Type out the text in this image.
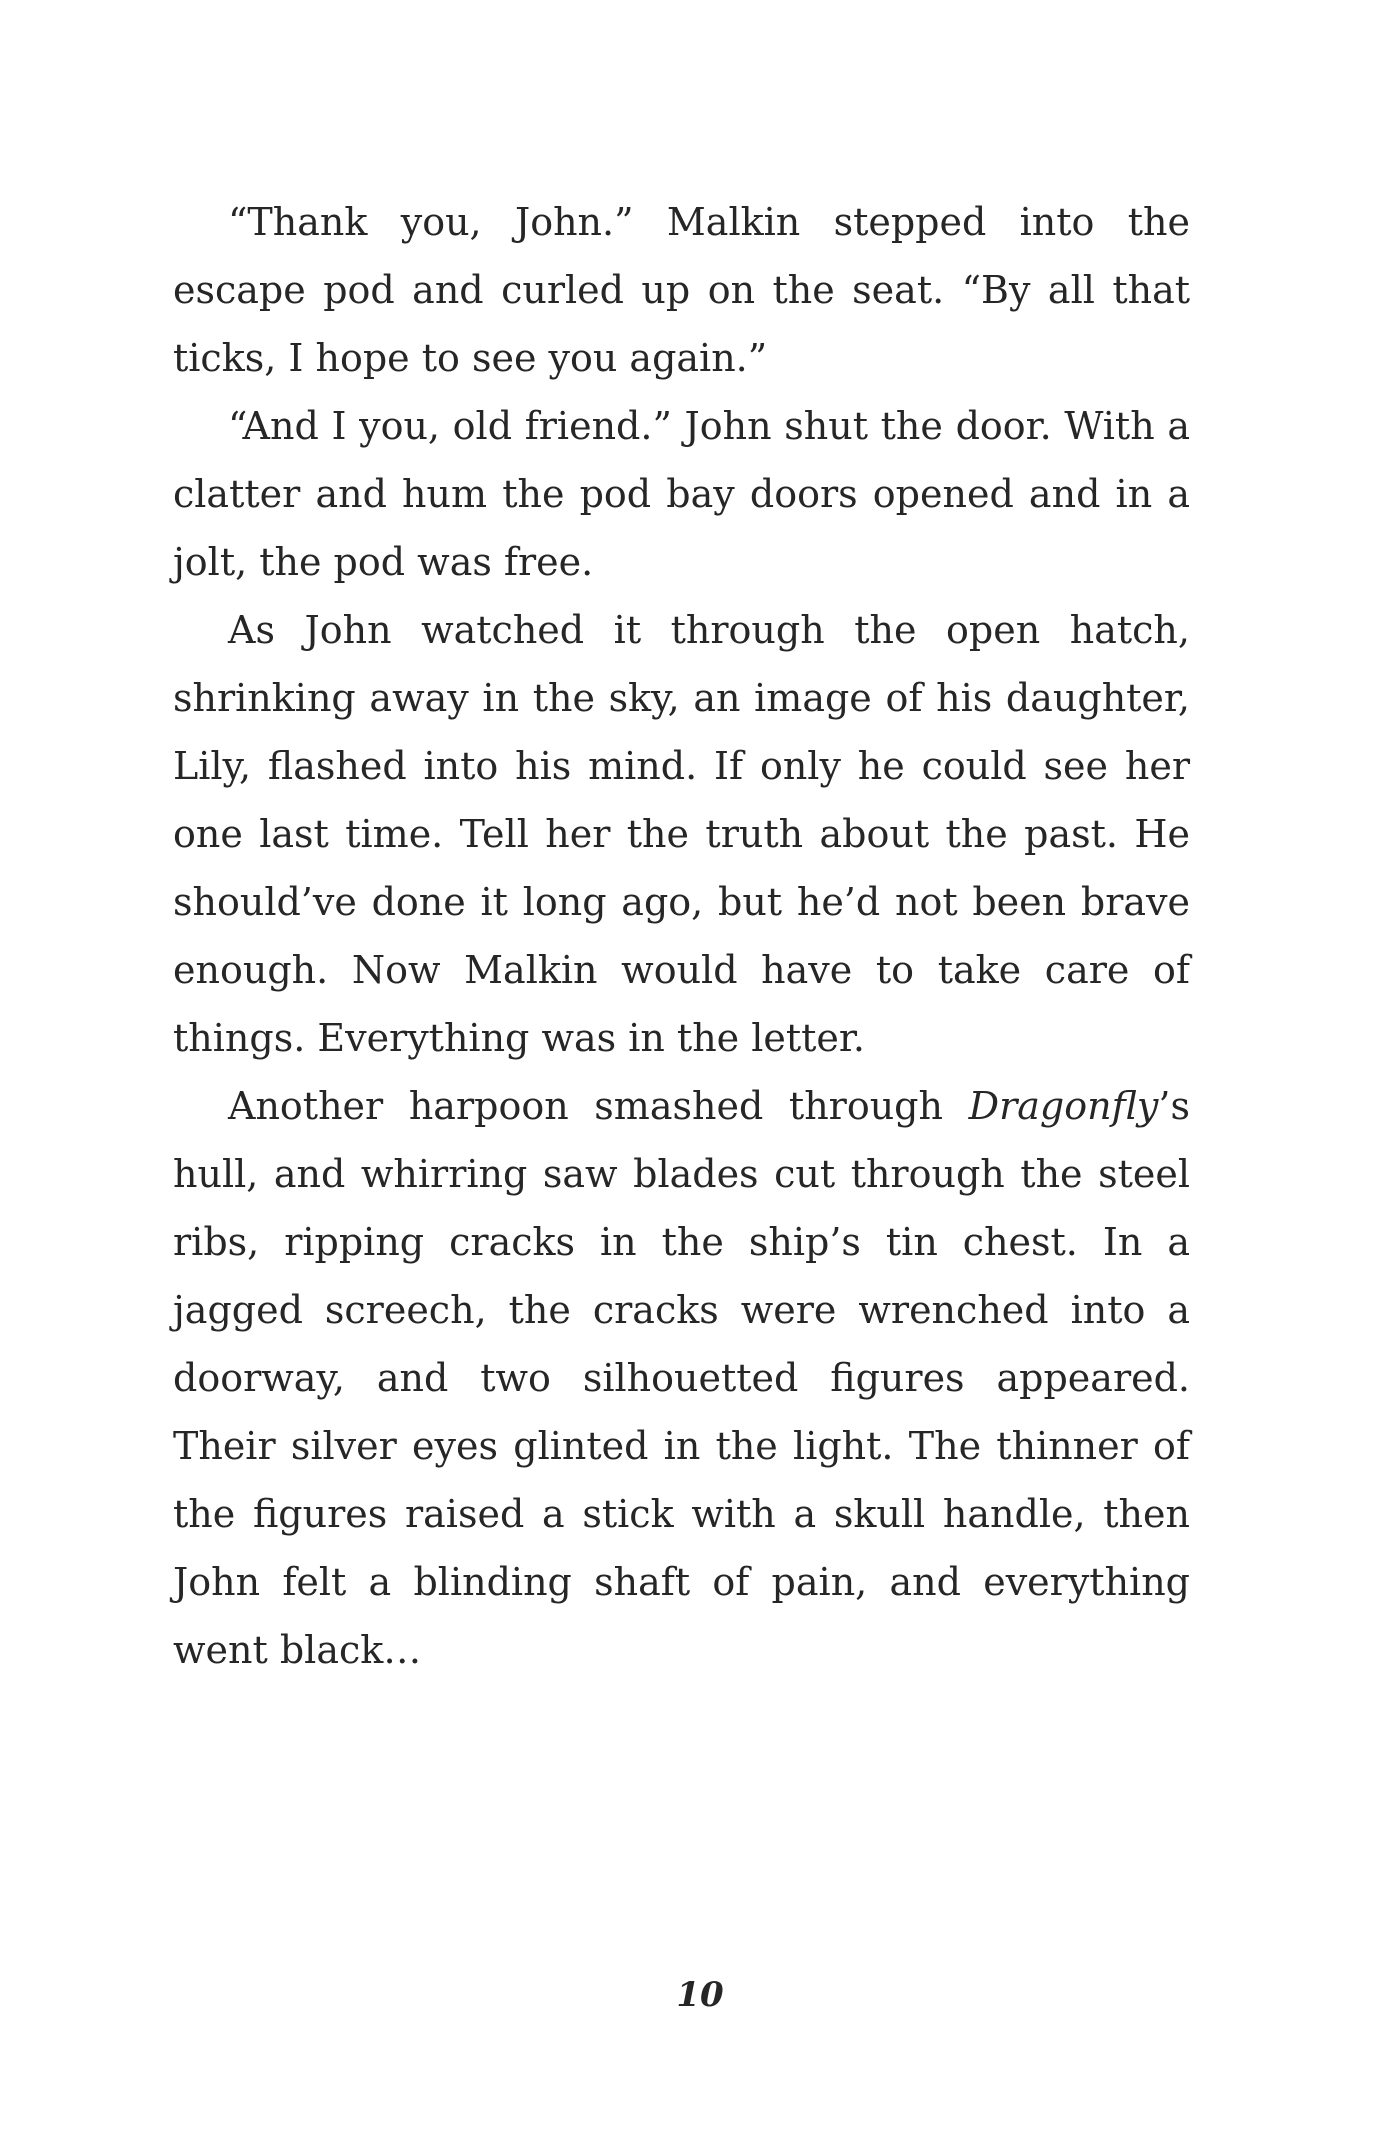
“Thank you, John.” Malkin stepped into the escape pod and curled up on the seat. “By all that ticks, I hope to see you again.”

“And I you, old friend.” John shut the door. With a clatter and hum the pod bay doors opened and in a jolt, the pod was free.

As John watched it through the open hatch, shrinking away in the sky, an image of his daughter, Lily, flashed into his mind. If only he could see her one last time. Tell her the truth about the past. He should’ve done it long ago, but he’d not been brave enough. Now Malkin would have to take care of things. Everything was in the letter.

Another harpoon smashed through Dragonfly’s hull, and whirring saw blades cut through the steel ribs, ripping cracks in the ship’s tin chest. In a jagged screech, the cracks were wrenched into a doorway, and two silhouetted figures appeared. Their silver eyes glinted in the light. The thinner of the figures raised a stick with a skull handle, then John felt a blinding shaft of pain, and everything went black…

10
